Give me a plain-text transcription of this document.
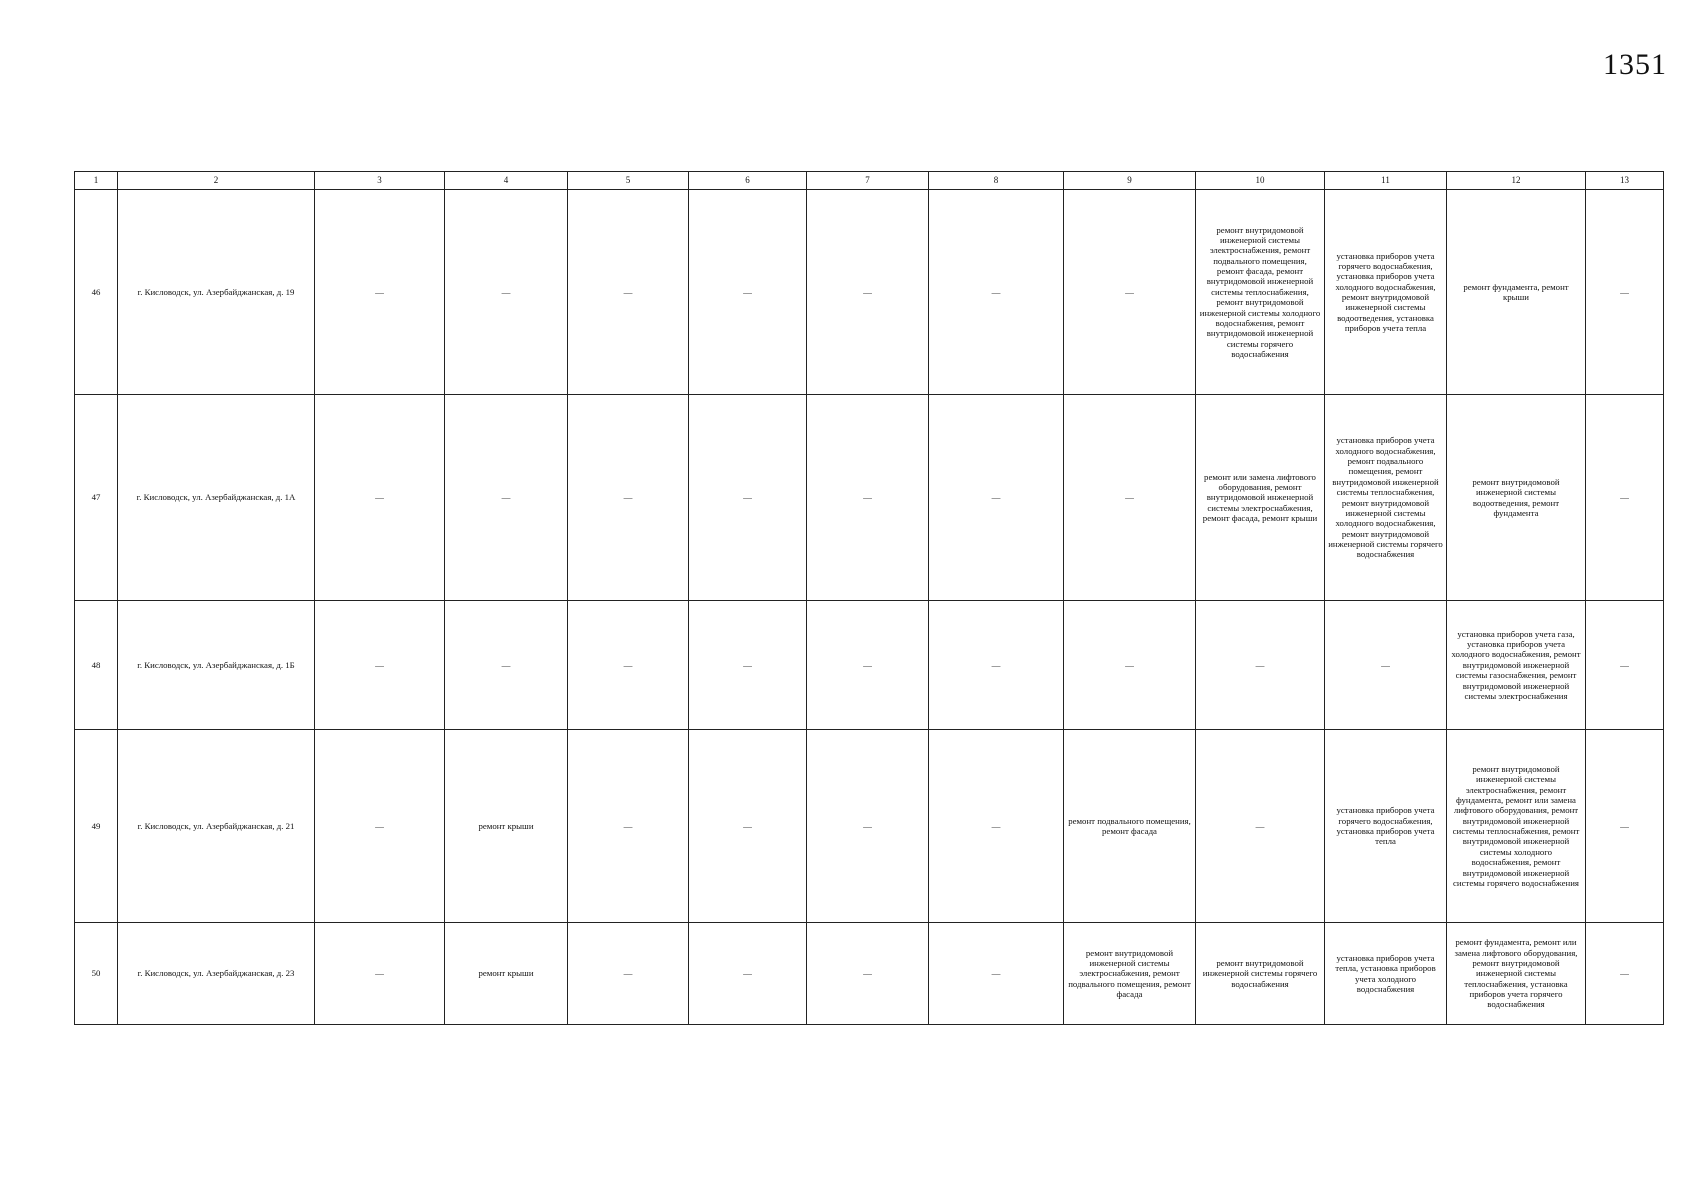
1351
1	2	3	4	5	6	7	8	9	10	11	12	13
46	г. Кисловодск, ул. Азербайджанская, д. 19	—	—	—	—	—	—	—	ремонт внутридомовой инженерной системы электроснабжения, ремонт подвального помещения, ремонт фасада, ремонт внутридомовой инженерной системы теплоснабжения, ремонт внутридомовой инженерной системы холодного водоснабжения, ремонт внутридомовой инженерной системы горячего водоснабжения	установка приборов учета горячего водоснабжения, установка приборов учета холодного водоснабжения, ремонт внутридомовой инженерной системы водоотведения, установка приборов учета тепла	ремонт фундамента, ремонт крыши	—
47	г. Кисловодск, ул. Азербайджанская, д. 1А	—	—	—	—	—	—	—	ремонт или замена лифтового оборудования, ремонт внутридомовой инженерной системы электроснабжения, ремонт фасада, ремонт крыши	установка приборов учета холодного водоснабжения, ремонт подвального помещения, ремонт внутридомовой инженерной системы теплоснабжения, ремонт внутридомовой инженерной системы холодного водоснабжения, ремонт внутридомовой инженерной системы горячего водоснабжения	ремонт внутридомовой инженерной системы водоотведения, ремонт фундамента	—
48	г. Кисловодск, ул. Азербайджанская, д. 1Б	—	—	—	—	—	—	—	—	—	установка приборов учета газа, установка приборов учета холодного водоснабжения, ремонт внутридомовой инженерной системы газоснабжения, ремонт внутридомовой инженерной системы электроснабжения	—
49	г. Кисловодск, ул. Азербайджанская, д. 21	—	ремонт крыши	—	—	—	—	ремонт подвального помещения, ремонт фасада	—	установка приборов учета горячего водоснабжения, установка приборов учета тепла	ремонт внутридомовой инженерной системы электроснабжения, ремонт фундамента, ремонт или замена лифтового оборудования, ремонт внутридомовой инженерной системы теплоснабжения, ремонт внутридомовой инженерной системы холодного водоснабжения, ремонт внутридомовой инженерной системы горячего водоснабжения	—
50	г. Кисловодск, ул. Азербайджанская, д. 23	—	ремонт крыши	—	—	—	—	ремонт внутридомовой инженерной системы электроснабжения, ремонт подвального помещения, ремонт фасада	ремонт внутридомовой инженерной системы горячего водоснабжения	установка приборов учета тепла, установка приборов учета холодного водоснабжения	ремонт фундамента, ремонт или замена лифтового оборудования, ремонт внутридомовой инженерной системы теплоснабжения, установка приборов учета горячего водоснабжения	—
